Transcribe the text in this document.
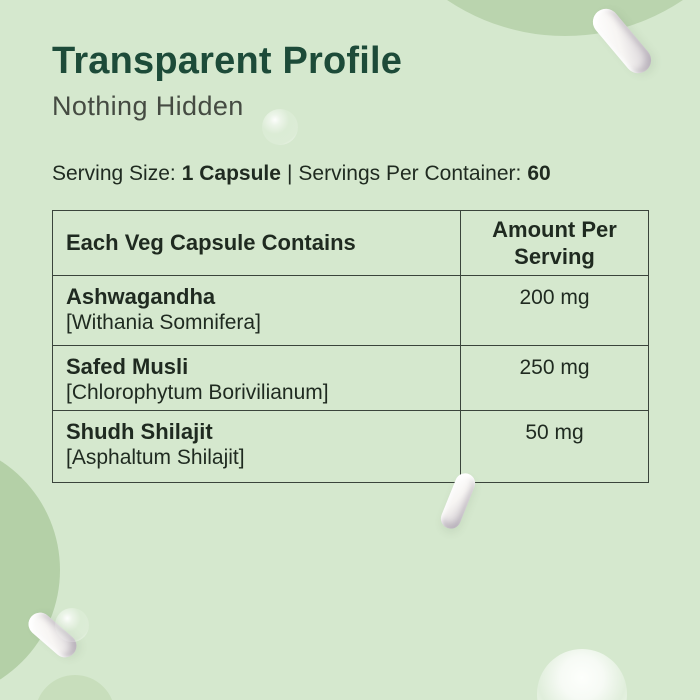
Transparent Profile
Nothing Hidden
Serving Size: 1 Capsule | Servings Per Container: 60
Each Veg Capsule Contains	Amount Per Serving

Ashwagandha
[Withania Somnifera]	200 mg

Safed Musli
[Chlorophytum Borivilianum]	250 mg

Shudh Shilajit
[Asphaltum Shilajit]	50 mg
